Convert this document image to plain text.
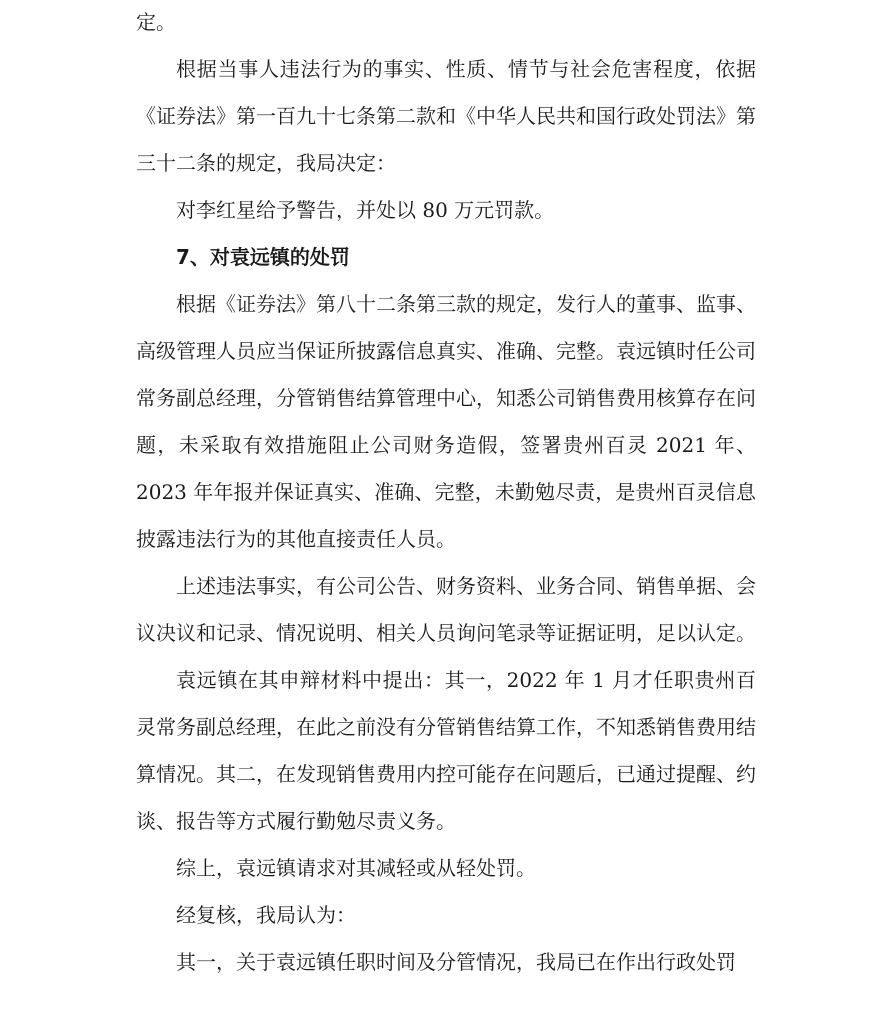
定。

根据当事人违法行为的事实、性质、情节与社会危害程度，依据《证券法》第一百九十七条第二款和《中华人民共和国行政处罚法》第三十二条的规定，我局决定：

对李红星给予警告，并处以 80 万元罚款。

7、对袁远镇的处罚

根据《证券法》第八十二条第三款的规定，发行人的董事、监事、高级管理人员应当保证所披露信息真实、准确、完整。袁远镇时任公司常务副总经理，分管销售结算管理中心，知悉公司销售费用核算存在问题，未采取有效措施阻止公司财务造假，签署贵州百灵 2021 年、2023 年年报并保证真实、准确、完整，未勤勉尽责，是贵州百灵信息披露违法行为的其他直接责任人员。

上述违法事实，有公司公告、财务资料、业务合同、销售单据、会议决议和记录、情况说明、相关人员询问笔录等证据证明，足以认定。

袁远镇在其申辩材料中提出：其一，2022 年 1 月才任职贵州百灵常务副总经理，在此之前没有分管销售结算工作，不知悉销售费用结算情况。其二，在发现销售费用内控可能存在问题后，已通过提醒、约谈、报告等方式履行勤勉尽责义务。

综上，袁远镇请求对其减轻或从轻处罚。

经复核，我局认为：

其一，关于袁远镇任职时间及分管情况，我局已在作出行政处罚
